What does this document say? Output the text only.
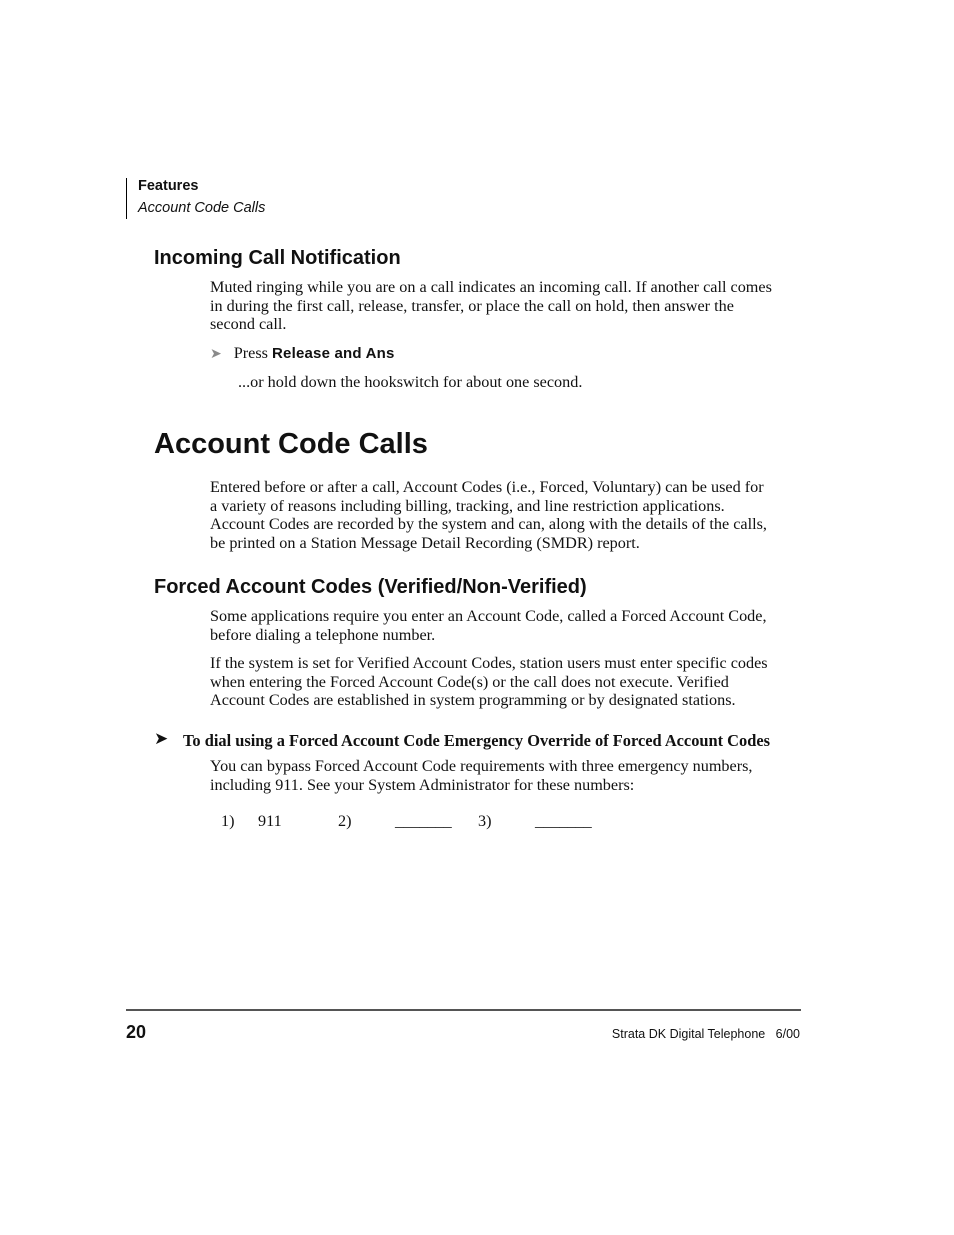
Features
Account Code Calls
Incoming Call Notification
Muted ringing while you are on a call indicates an incoming call. If another call comes
in during the first call, release, transfer, or place the call on hold, then answer the
second call.
➤ Press Release and Ans
...or hold down the hookswitch for about one second.
Account Code Calls
Entered before or after a call, Account Codes (i.e., Forced, Voluntary) can be used for
a variety of reasons including billing, tracking, and line restriction applications.
Account Codes are recorded by the system and can, along with the details of the calls,
be printed on a Station Message Detail Recording (SMDR) report.
Forced Account Codes (Verified/Non-Verified)
Some applications require you enter an Account Code, called a Forced Account Code,
before dialing a telephone number.
If the system is set for Verified Account Codes, station users must enter specific codes
when entering the Forced Account Code(s) or the call does not execute. Verified
Account Codes are established in system programming or by designated stations.
➤ To dial using a Forced Account Code Emergency Override of Forced Account Codes
You can bypass Forced Account Code requirements with three emergency numbers,
including 911. See your System Administrator for these numbers:
1) 911	2)	_______ 3)	_______
20	Strata DK Digital Telephone   6/00
